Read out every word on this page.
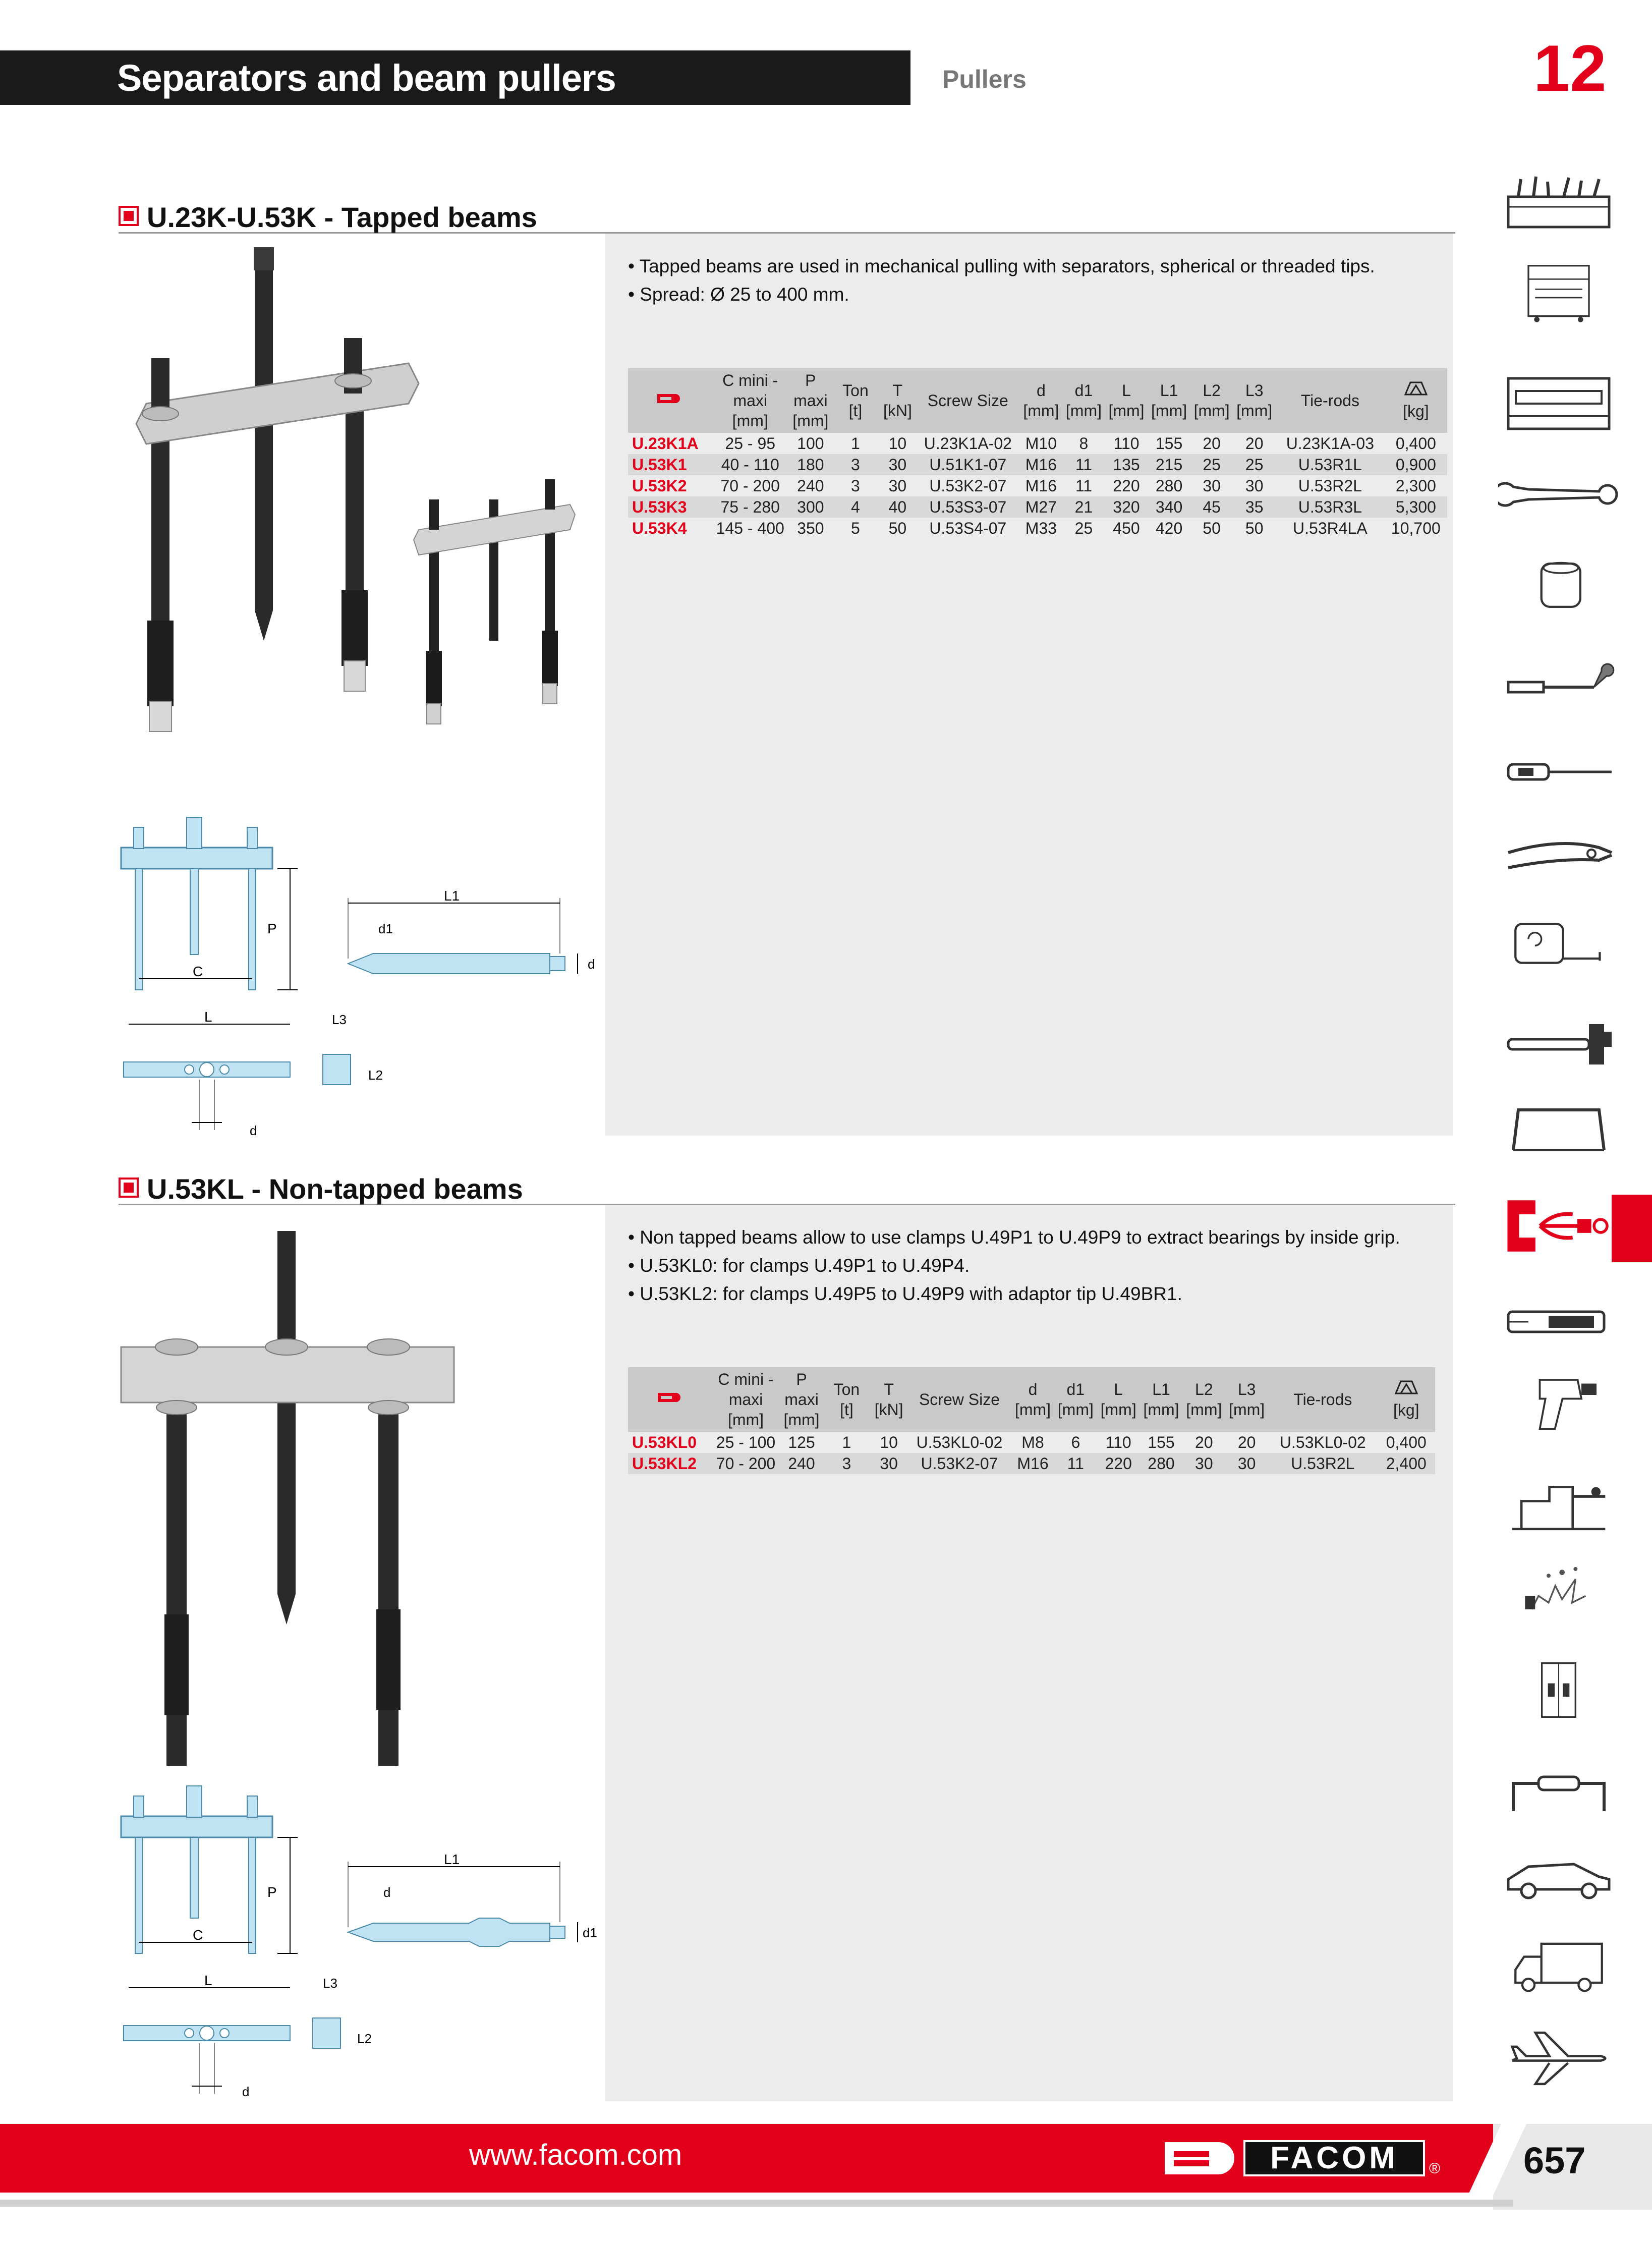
Separators and beam pullers	Pullers	12
U.23K-U.53K - Tapped beams
• Tapped beams are used in mechanical pulling with separators, spherical or threaded tips.
• Spread: Ø 25 to 400 mm.
	C mini - maxi [mm]	P maxi [mm]	Ton [t]	T [kN]	Screw Size	d [mm]	d1 [mm]	L [mm]	L1 [mm]	L2 [mm]	L3 [mm]	Tie-rods	[kg]
U.23K1A	25 - 95	100	1	10	U.23K1A-02	M10	8	110	155	20	20	U.23K1A-03	0,400
U.53K1	40 - 110	180	3	30	U.51K1-07	M16	11	135	215	25	25	U.53R1L	0,900
U.53K2	70 - 200	240	3	30	U.53K2-07	M16	11	220	280	30	30	U.53R2L	2,300
U.53K3	75 - 280	300	4	40	U.53S3-07	M27	21	320	340	45	35	U.53R3L	5,300
U.53K4	145 - 400	350	5	50	U.53S4-07	M33	25	450	420	50	50	U.53R4LA	10,700
P
C
L1
d1
d
L
d
L3
L2
U.53KL - Non-tapped beams
• Non tapped beams allow to use clamps U.49P1 to U.49P9 to extract bearings by inside grip.
• U.53KL0: for clamps U.49P1 to U.49P4.
• U.53KL2: for clamps U.49P5 to U.49P9 with adaptor tip U.49BR1.
	C mini - maxi [mm]	P maxi [mm]	Ton [t]	T [kN]	Screw Size	d [mm]	d1 [mm]	L [mm]	L1 [mm]	L2 [mm]	L3 [mm]	Tie-rods	[kg]
U.53KL0	25 - 100	125	1	10	U.53KL0-02	M8	6	110	155	20	20	U.53KL0-02	0,400
U.53KL2	70 - 200	240	3	30	U.53K2-07	M16	11	220	280	30	30	U.53R2L	2,400
P
C
L1
d
d1
L
d
L3
L2
www.facom.com	FACOM	® 657
